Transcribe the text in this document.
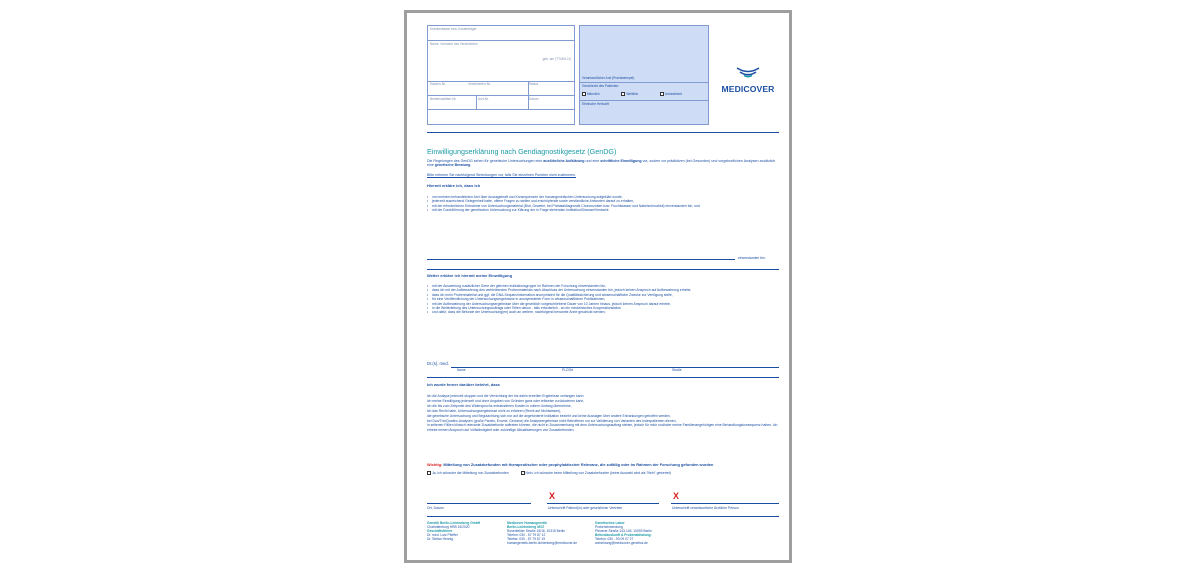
Krankenkasse bzw. Kostenträger
Name, Vorname des Versicherten
geb. am (TT.MM.JJ)
Kassen-Nr.	Versicherten-Nr.	Status
Betriebsstätten-Nr.	Arzt-Nr.	Datum
Verantwortlicher Arzt (Praxisstempel)
Geschlecht des Patienten:
Männlich	Weiblich	Unbestimmt
Ethnische Herkunft
MEDICOVER
Einwilligungserklärung nach Gendiagnostikgesetz (GenDG)
Die Regelungen des GenDG sehen für genetische Untersuchungen eine ausführliche Aufklärung und eine schriftliche Einwilligung vor, zudem vor prädiktiven (bei Gesunden) und vorgeburtlichen Analysen zusätzlich eine genetische Beratung.
Bitte nehmen Sie nachfolgend Streichungen vor, falls Sie einzelnen Punkten nicht zustimmen.
Hiermit erkläre ich, dass ich
• von meinem behandelnden Arzt über Aussagekraft und Konsequenzen der humangenetischen Untersuchung aufgeklärt wurde,
• jederzeit ausreichend Gelegenheit hatte, offene Fragen zu stellen und erschöpfende sowie verständliche Antworten darauf zu erhalten,
• mit der erforderlichen Entnahme von Untersuchungsmaterial (Blut, Gewebe, bei Pränataldiagnostik Chorionzotten bzw. Fruchtwasser und Nabelschnurblut) einverstanden bin, und
• mit der Durchführung der genetischen Untersuchung zur Klärung der in Frage stehenden Indikation/Dianose/Verdacht
einverstanden bin.
Weiter erkläre ich hiermit meine Einwilligung
• mit der Auswertung zusätzlicher Gene der gleichen Indikationsgruppe im Rahmen der Forschung einverstanden bin,
• dass ich mit der Aufbewahrung des verbleibenden Probenmaterials nach Abschluss der Untersuchung einverstanden bin, jedoch keinen Anspruch auf Aufbewahrung erhebe,
• dass ich mein Probenmaterial und ggf. die DNA-Sequenzinformation anonymisiert für die Qualitätssicherung und wissenschaftliche Zwecke zur Verfügung stelle,
• für eine Veröffentlichung der Untersuchungsergebnisse in anonymisierter Form in wissenschaftlichen Publikationen,
• mit der Aufbewahrung der Untersuchungsergebnisse über die gesetzlich vorgeschriebene Dauer von 10 Jahren hinaus, jedoch keinen Anspruch darauf erhebe,
• in die Weiterleitung des Untersuchungsauftrags oder Teilen davon - falls erforderlich - an ein medizinisches Kooperationslabor,
• und dafür, dass die Befunde der Untersuchung(en) auch an weitere, nachfolgend benannte Ärzte geschickt werden:
Dr.(s). med.
Name	PLZ/Ort	Straße
Ich wurde ferner darüber belehrt, dass
ich die Analyse jederzeit stoppen und die Vernichtung der bis dahin erzielten Ergebnisse verlangen kann
ich meine Einwilligung jederzeit und ohne Angaben von Gründen ganz oder teilweise zurückziehen kann,
ich die bis zum Zeitpunkt des Widerspruchs entstandenen Kosten in vollem Umfang übernehme,
ich das Recht habe, Untersuchungsergebnisse nicht zu erfahren (Recht auf Nichtwissen),
die genetische Untersuchung und Begutachtung sich nur auf die angeforderte Indikation bezieht und keine Aussagen über andere Erkrankungen getroffen werden,
bei Duo/Trio/Quattro-Analysen (große Panels, Exome, Genome) die Analyseergebnisse nicht Betroffener nur zur Validierung von Varianten des Indexpatienten dienen,
in seltenen Fällen klinisch relevante Zusatzbefunde auftreten können, die nicht in Zusammenhang mit dem Untersuchungsauftrag stehen, jedoch für mich und/oder meine Familienangehörigen eine Behandlungskonsequenz haben. Ich erhebe keinen Anspruch auf Vollständigkeit oder zukünftige Aktualisierungen von Zusatzbefunden.
Wichtig: Mitteilung von Zusatzbefunden mit therapeutischer oder prophylaktischer Relevanz, die zufällig oder im Rahmen der Forschung gefunden wurden
Ja, ich wünsche die Mitteilung von Zusatzbefunden	Nein, ich wünsche keine Mitteilung von Zusatzbefunden (keine Auswahl wird als "Nein" gewertet)
X	X
Ort, Datum	Unterschrift Patient(in) oder gesetzlicher Vertreter	Unterschrift verantwortliche Ärztliche Person
Genetik Berlin-Lichtenberg GmbH
Charlottenburg HRB 19/2020
Geschäftsführer
Dr. med. Lutz Pfeiffer
Dr. Stefan Hennig
Medicover Humangenetik
Berlin-Lichtenberg MVZ
Rosenfelder Straße 15/16, 10315 Berlin
Telefon: 030 - 57 79 87 12
Telefax: 030 - 57 79 87 19
humangenetik-berlin-lichtenberg@medicover.de
Genetisches Labor
Probeneinsendung
Pfeuerer Straße 143-145, 10093 Berlin
Befundauskunft & Probenabholung:
Telefon: 030 - 93 09 07 27
anmeldung@medicover-genetics.de
